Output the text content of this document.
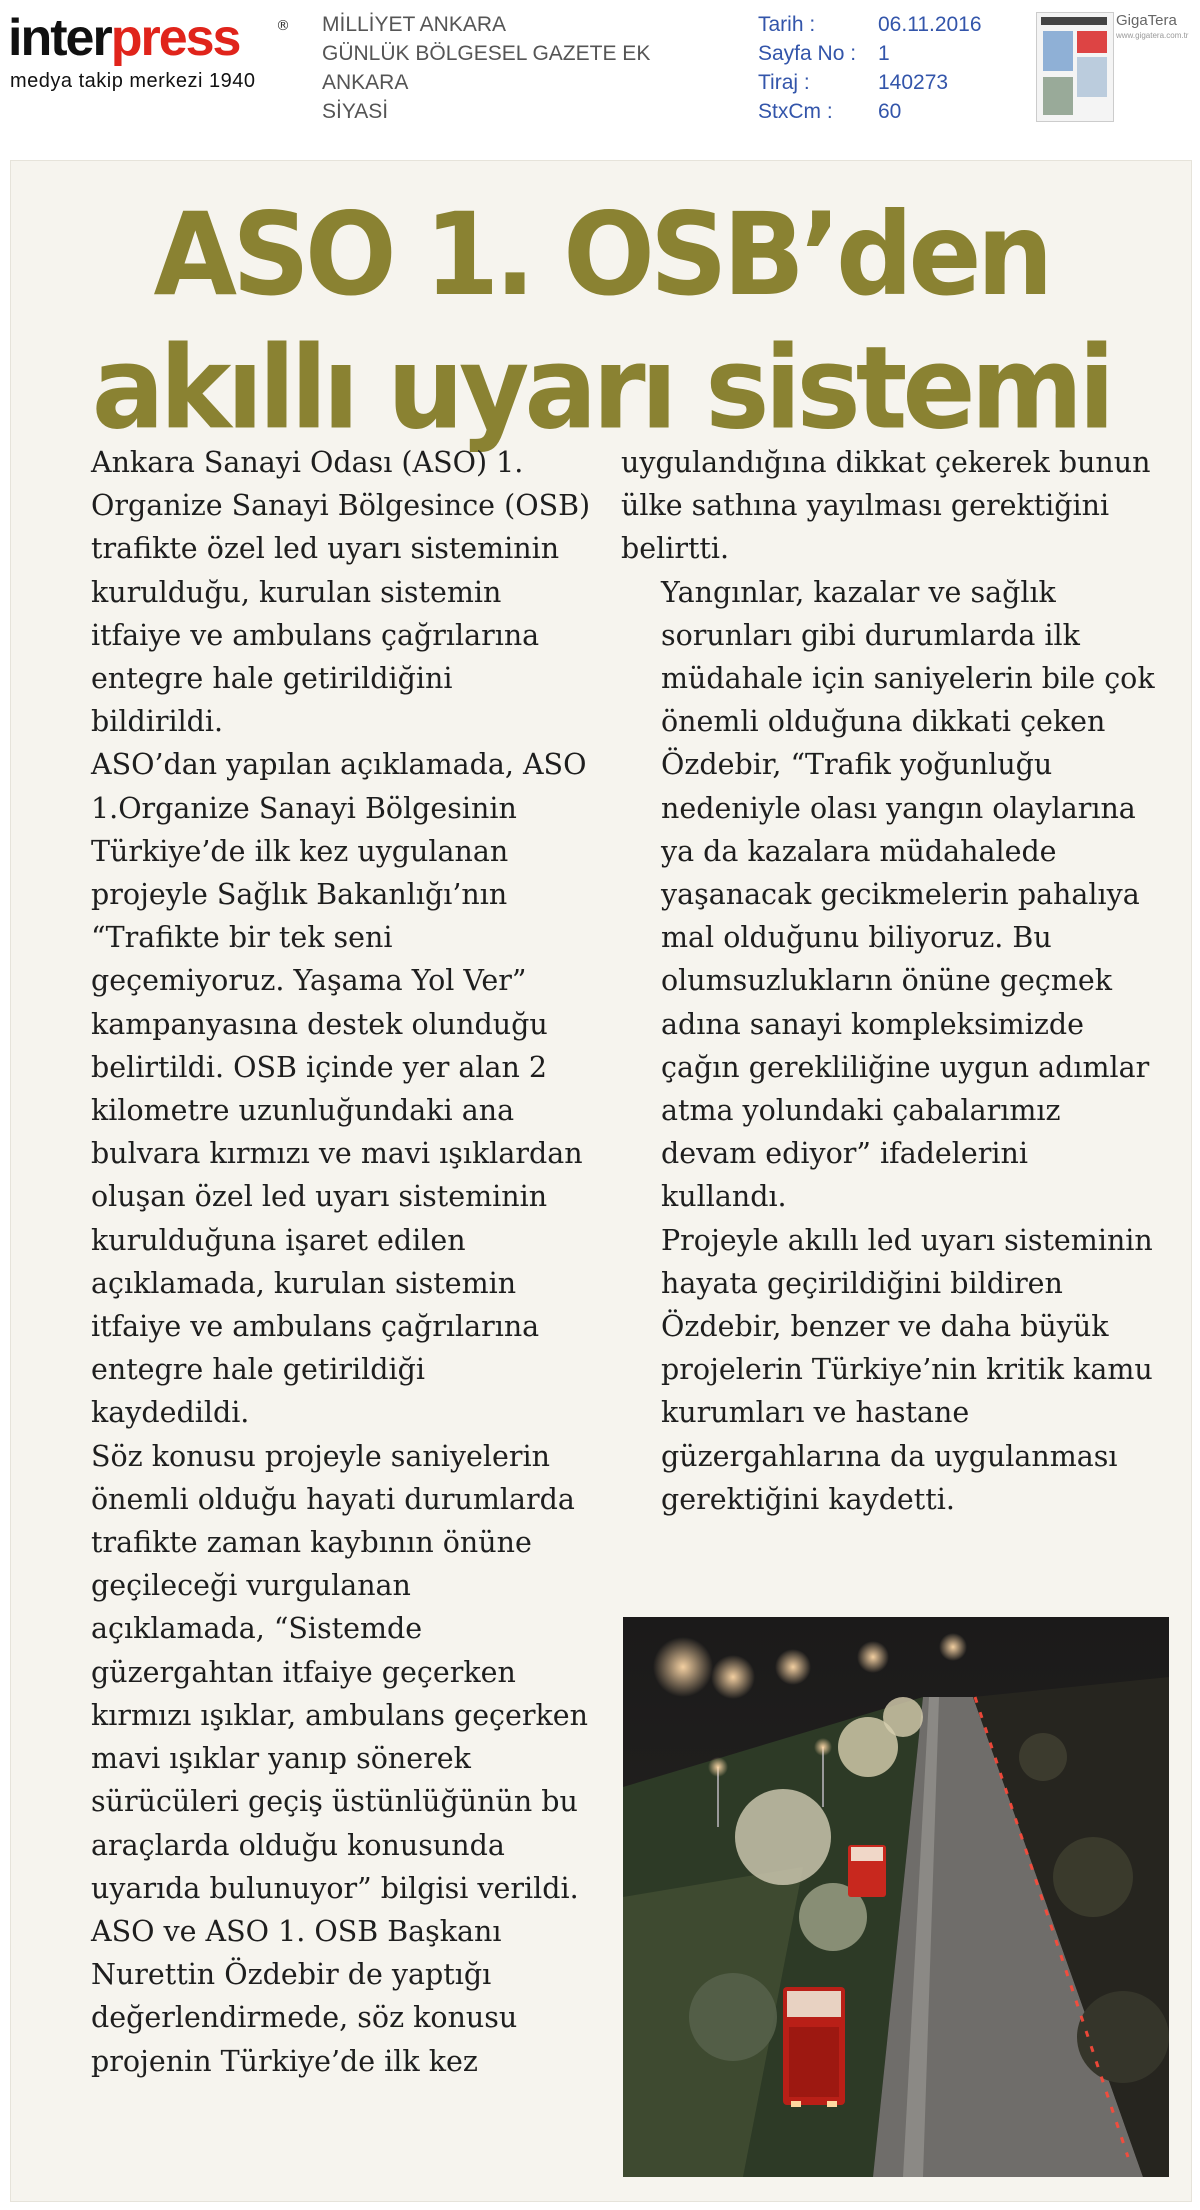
interpress	®
medya takip merkezi 1940
MİLLİYET ANKARA
GÜNLÜK BÖLGESEL GAZETE EK
ANKARA
SİYASİ
Tarih :	06.11.2016
Sayfa No :	1
Tiraj :	140273
StxCm :	60
GigaTera
www.gigatera.com.tr
ASO 1. OSB’den akıllı uyarı sistemi

Ankara Sanayi Odası (ASO) 1. Organize Sanayi Bölgesince (OSB) trafikte özel led uyarı sisteminin kurulduğu, kurulan sistemin itfaiye ve ambulans çağrılarına entegre hale getirildiğini bildirildi.

ASO’dan yapılan açıklamada, ASO 1.Organize Sanayi Bölgesinin Türkiye’de ilk kez uygulanan projeyle Sağlık Bakanlığı’nın “Trafikte bir tek seni geçemiyoruz. Yaşama Yol Ver” kampanyasına destek olunduğu belirtildi. OSB içinde yer alan 2 kilometre uzunluğundaki ana bulvara kırmızı ve mavi ışıklardan oluşan özel led uyarı sisteminin kurulduğuna işaret edilen açıklamada, kurulan sistemin itfaiye ve ambulans çağrılarına entegre hale getirildiği kaydedildi.

Söz konusu projeyle saniyelerin önemli olduğu hayati durumlarda trafikte zaman kaybının önüne geçileceği vurgulanan açıklamada, “Sistemde güzergahtan itfaiye geçerken kırmızı ışıklar, ambulans geçerken mavi ışıklar yanıp sönerek sürücüleri geçiş üstünlüğünün bu araçlarda olduğu konusunda uyarıda bulunuyor” bilgisi verildi.

ASO ve ASO 1. OSB Başkanı Nurettin Özdebir de yaptığı değerlendirmede, söz konusu projenin Türkiye’de ilk kez

uygulandığına dikkat çekerek bunun ülke sathına yayılması gerektiğini belirtti.

Yangınlar, kazalar ve sağlık sorunları gibi durumlarda ilk müdahale için saniyelerin bile çok önemli olduğuna dikkati çeken Özdebir, “Trafik yoğunluğu nedeniyle olası yangın olaylarına ya da kazalara müdahalede yaşanacak gecikmelerin pahalıya mal olduğunu biliyoruz. Bu olumsuzlukların önüne geçmek adına sanayi kompleksimizde çağın gerekliliğine uygun adımlar atma yolundaki çabalarımız devam ediyor” ifadelerini kullandı.

Projeyle akıllı led uyarı sisteminin hayata geçirildiğini bildiren Özdebir, benzer ve daha büyük projelerin Türkiye’nin kritik kamu kurumları ve hastane güzergahlarına da uygulanması gerektiğini kaydetti.
